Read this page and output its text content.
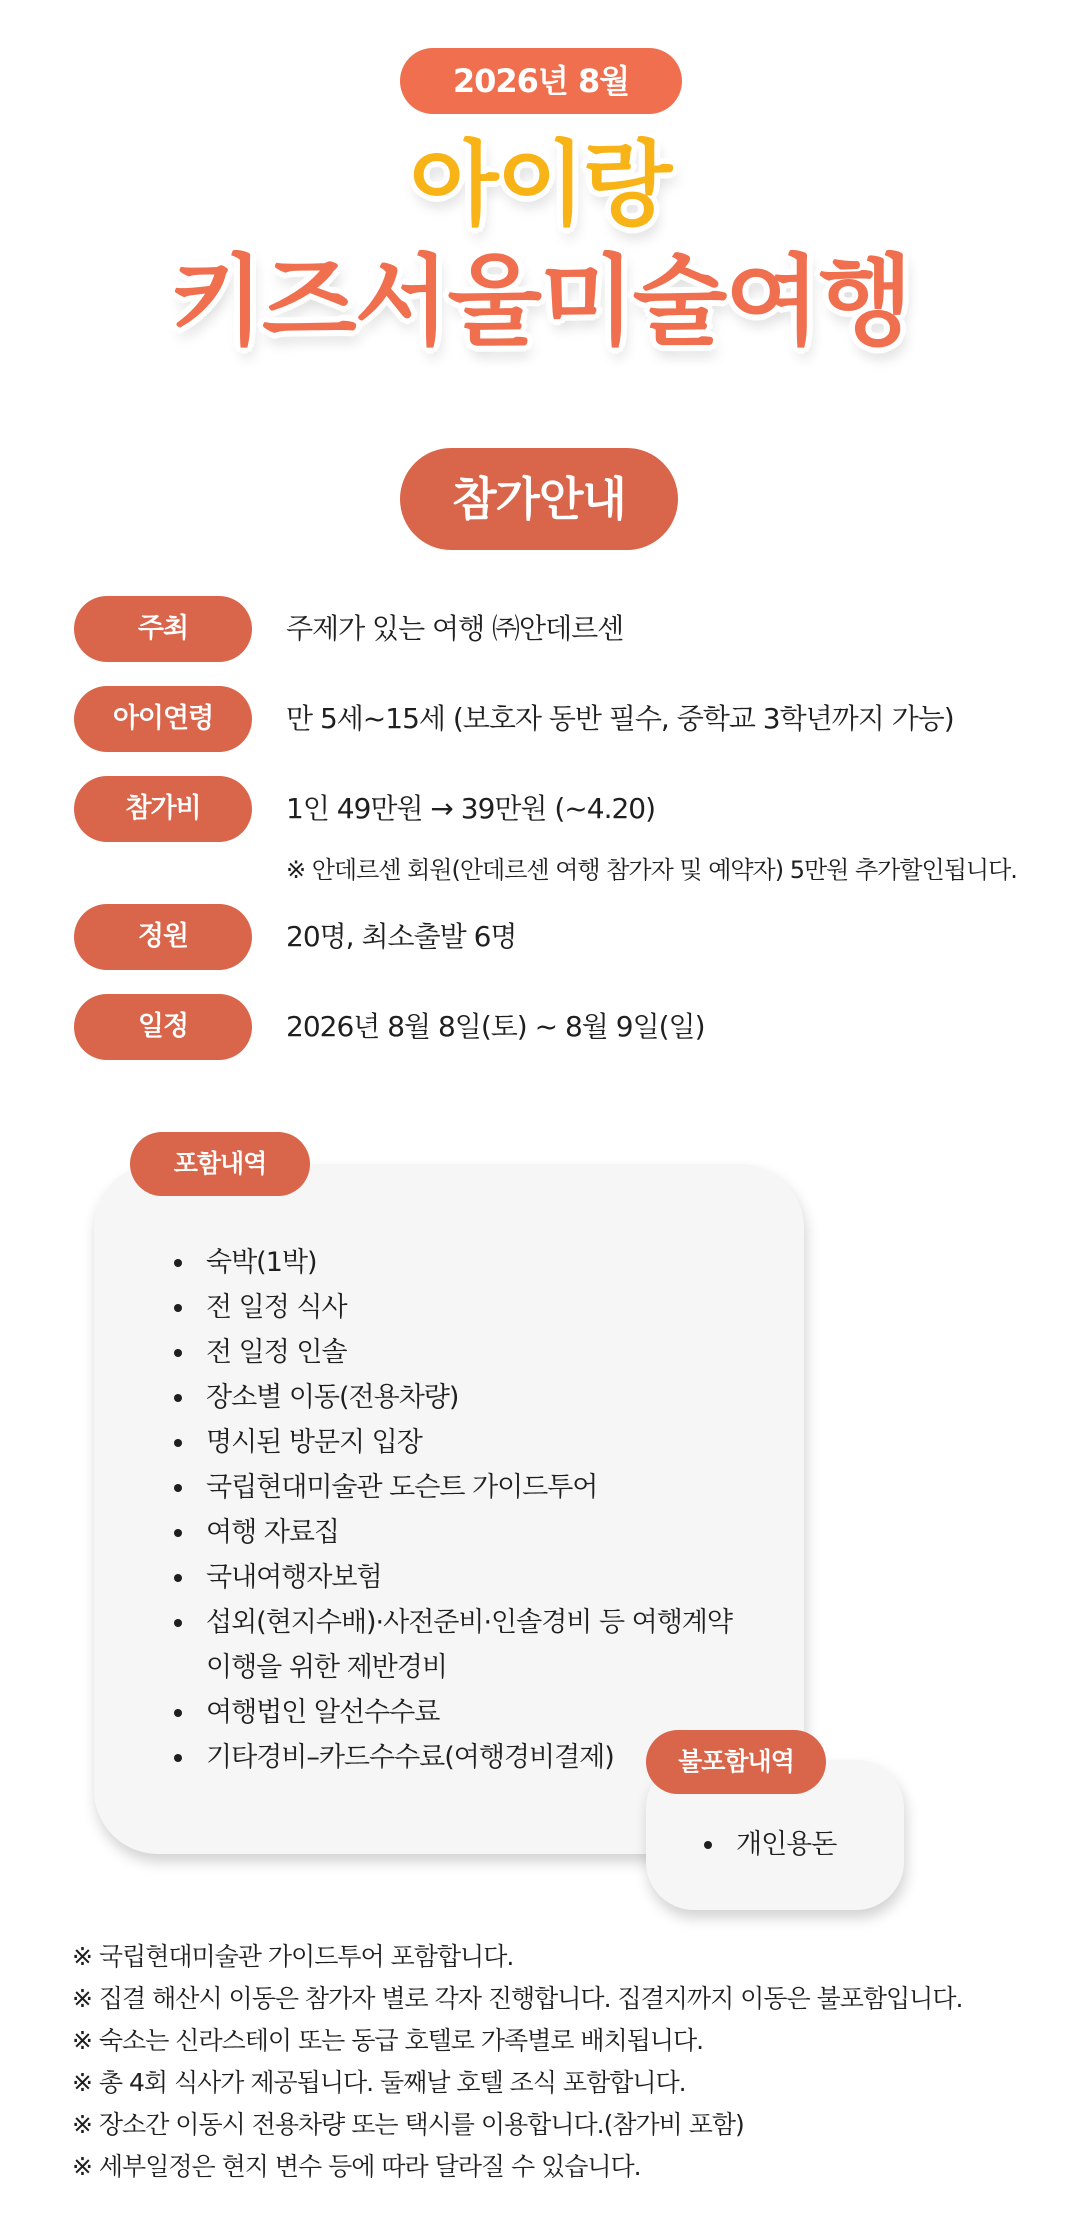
2026년 8월
아이랑
키즈서울미술여행
참가안내
주최	주제가 있는 여행 ㈜안데르센
아이연령	만 5세~15세 (보호자 동반 필수, 중학교 3학년까지 가능)
참가비	1인 49만원 → 39만원 (~4.20)
※ 안데르센 회원(안데르센 여행 참가자 및 예약자) 5만원 추가할인됩니다.
정원	20명, 최소출발 6명
일정	2026년 8월 8일(토) ~ 8월 9일(일)
포함내역
숙박(1박)
전 일정 식사
전 일정 인솔
장소별 이동(전용차량)
명시된 방문지 입장
국립현대미술관 도슨트 가이드투어
여행 자료집
국내여행자보험
섭외(현지수배)·사전준비·인솔경비 등 여행계약
이행을 위한 제반경비
여행법인 알선수수료
기타경비–카드수수료(여행경비결제)	불포함내역
개인용돈

※ 국립현대미술관 가이드투어 포함합니다.

※ 집결 해산시 이동은 참가자 별로 각자 진행합니다. 집결지까지 이동은 불포함입니다.

※ 숙소는 신라스테이 또는 동급 호텔로 가족별로 배치됩니다.

※ 총 4회 식사가 제공됩니다. 둘째날 호텔 조식 포함합니다.

※ 장소간 이동시 전용차량 또는 택시를 이용합니다.(참가비 포함)

※ 세부일정은 현지 변수 등에 따라 달라질 수 있습니다.
